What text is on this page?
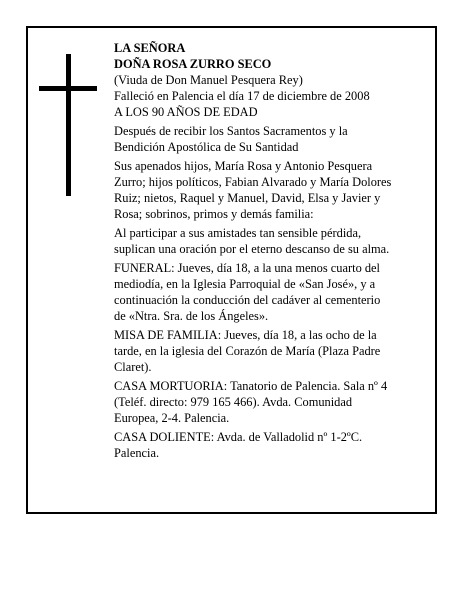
LA SEÑORA
DOÑA ROSA ZURRO SECO
(Viuda de Don Manuel Pesquera Rey)
Falleció en Palencia el día 17 de diciembre de 2008
A LOS 90 AÑOS DE EDAD
Después de recibir los Santos Sacramentos y la
Bendición Apostólica de Su Santidad
Sus apenados hijos, María Rosa y Antonio Pesquera
Zurro; hijos políticos, Fabian Alvarado y María Dolores
Ruiz; nietos, Raquel y Manuel, David, Elsa y Javier y
Rosa; sobrinos, primos y demás familia:
Al participar a sus amistades tan sensible pérdida,
suplican una oración por el eterno descanso de su alma.
FUNERAL: Jueves, día 18, a la una menos cuarto del
mediodía, en la Iglesia Parroquial de «San José», y a
continuación la conducción del cadáver al cementerio
de «Ntra. Sra. de los Ángeles».
MISA DE FAMILIA: Jueves, día 18, a las ocho de la
tarde, en la iglesia del Corazón de María (Plaza Padre
Claret).
CASA MORTUORIA: Tanatorio de Palencia. Sala nº 4
(Teléf. directo: 979 165 466). Avda. Comunidad
Europea, 2-4. Palencia.
CASA DOLIENTE: Avda. de Valladolid nº 1-2ºC.
Palencia.
